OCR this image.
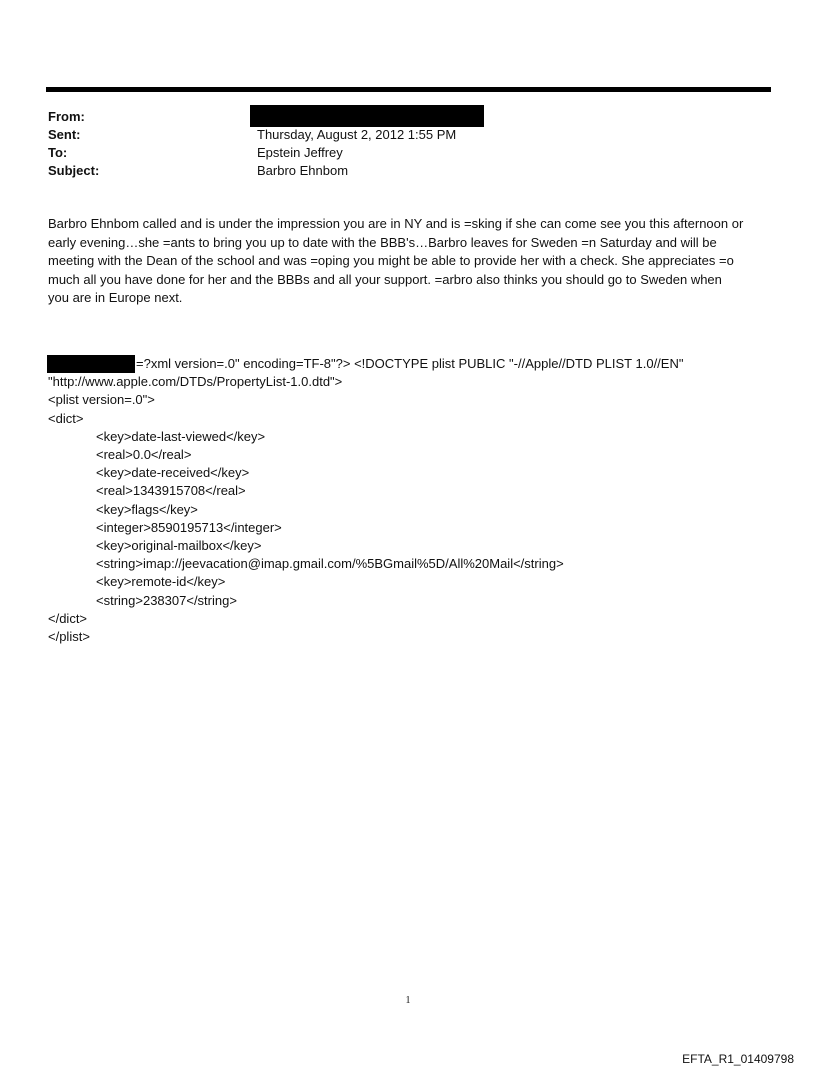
From:
Sent:	Thursday, August 2, 2012 1:55 PM
To:	Epstein Jeffrey
Subject:	Barbro Ehnbom

Barbro Ehnbom called and is under the impression you are in NY and is =sking if she can come see you this afternoon or

early evening…she =ants to bring you up to date with the BBB's…Barbro leaves for Sweden =n Saturday and will be

meeting with the Dean of the school and was =oping you might be able to provide her with a check. She appreciates =o

much all you have done for her and the BBBs and all your support. =arbro also thinks you should go to Sweden when

you are in Europe next.

=?xml version=.0" encoding=TF-8"?> <!DOCTYPE plist PUBLIC "-//Apple//DTD PLIST 1.0//EN"
"http://www.apple.com/DTDs/PropertyList-1.0.dtd">
<plist version=.0">
<dict>
<key>date-last-viewed</key>
<real>0.0</real>
<key>date-received</key>
<real>1343915708</real>
<key>flags</key>
<integer>8590195713</integer>
<key>original-mailbox</key>
<string>imap://jeevacation@imap.gmail.com/%5BGmail%5D/All%20Mail</string>
<key>remote-id</key>
<string>238307</string>
</dict>
</plist>
1
EFTA_R1_01409798
